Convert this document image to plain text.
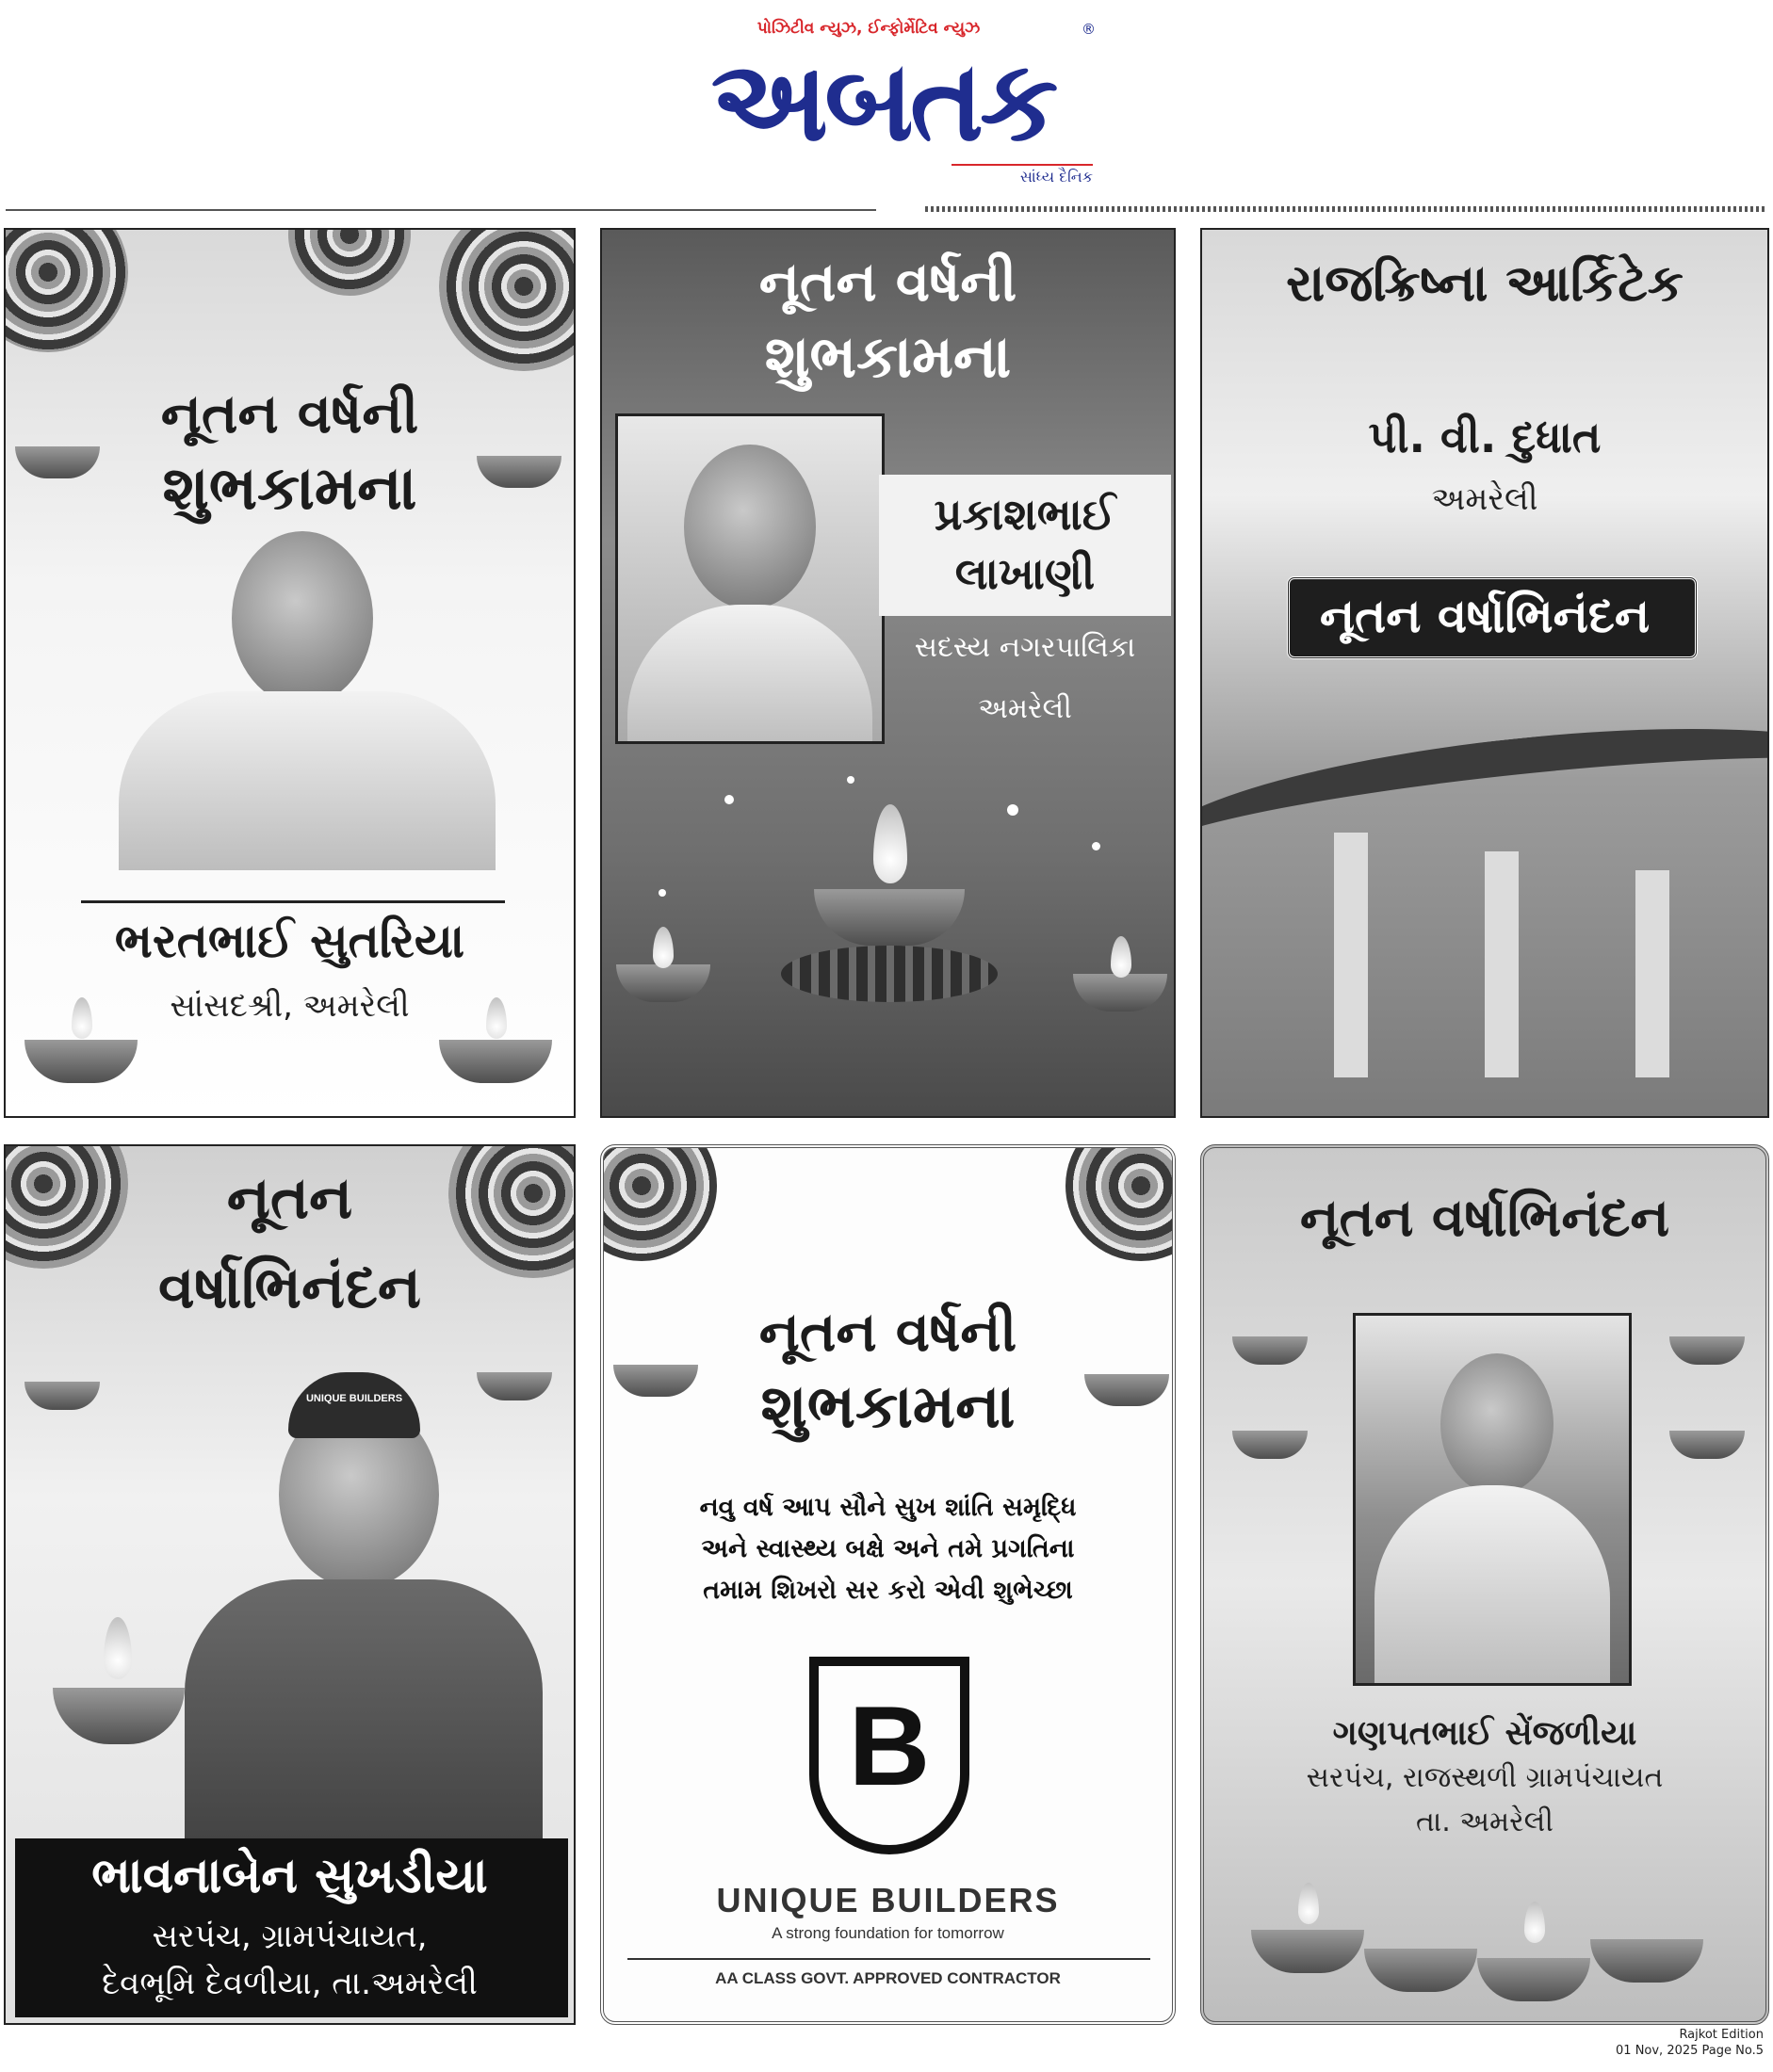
પોઝિટીવ ન્યુઝ, ઈન્ફોર્મેટિવ ન્યુઝ
અબતક
®
સાંધ્ય દૈનિક
નૂતન વર્ષની
શુભકામના
ભરતભાઈ સુતરિયા
સાંસદશ્રી, અમરેલી
નૂતન વર્ષની
શુભકામના
પ્રકાશભાઈ
લાખાણી
સદસ્ય નગરપાલિકા
અમરેલી
રાજક્રિષ્ના આર્કિટેક
પી. વી. દુધાત
અમરેલી
નૂતન વર્ષાભિનંદન
નૂતન
વર્ષાભિનંદન
UNIQUE BUILDERS
ભાવનાબેન સુખડીયા
સરપંચ, ગ્રામપંચાયત,
દેવભૂમિ દેવળીયા, તા.અમરેલી
નૂતન વર્ષની
શુભકામના
નવુ વર્ષ આપ સૌને સુખ શાંતિ સમૃદ્ધિ
અને સ્વાસ્થ્ય બક્ષે અને તમે પ્રગતિના
તમામ શિખરો સર કરો એવી શુભેચ્છા
B
UNIQUE BUILDERS
A strong foundation for tomorrow
AA CLASS GOVT. APPROVED CONTRACTOR
નૂતન વર્ષાભિનંદન
ગણપતભાઈ સેંજળીયા
સરપંચ, રાજસ્થળી ગ્રામપંચાયત
તા. અમરેલી
Rajkot Edition
01 Nov, 2025 Page No.5
